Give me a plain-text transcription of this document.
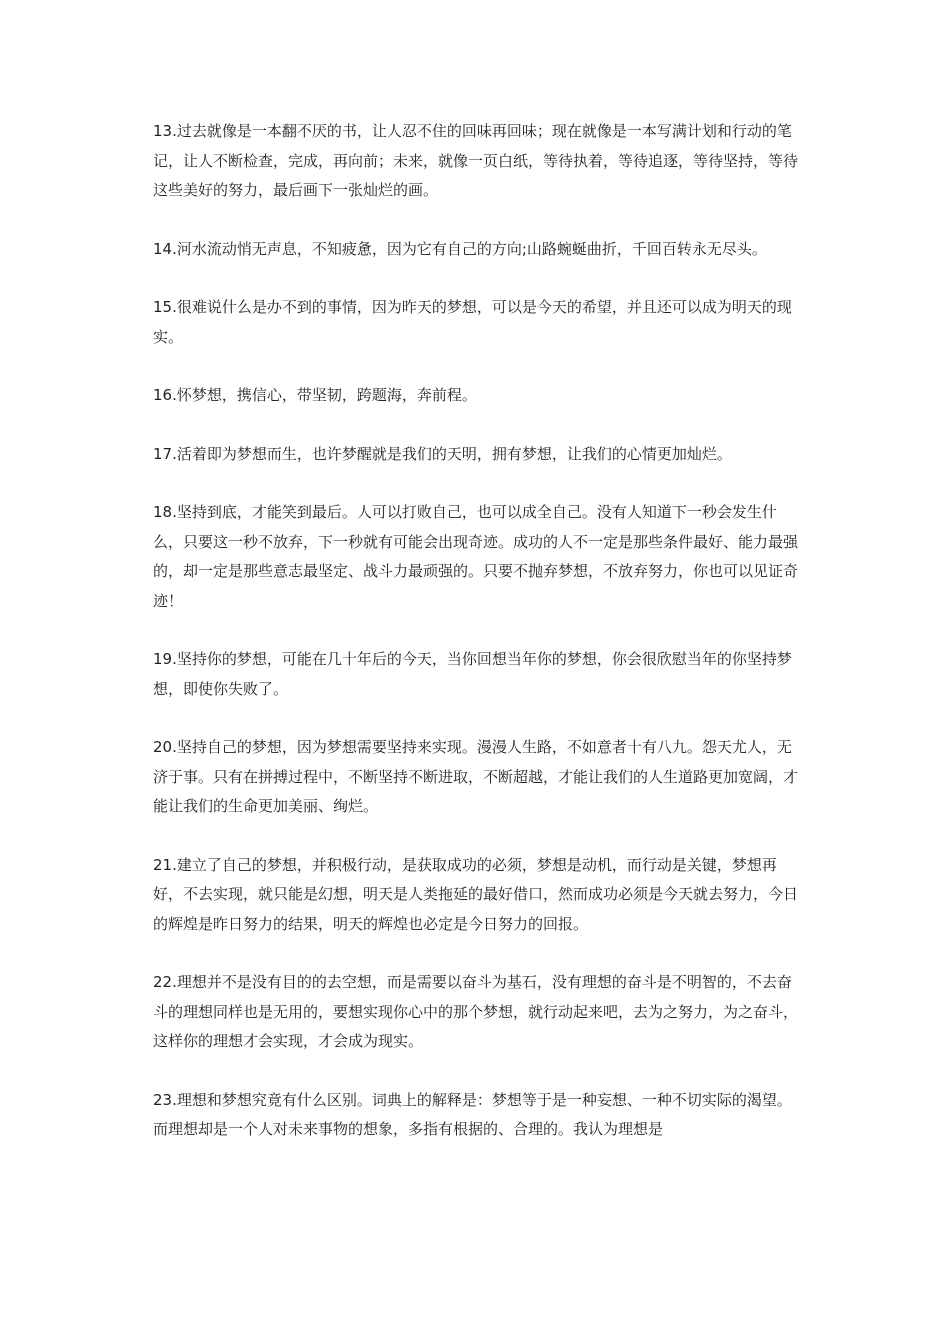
13.过去就像是一本翻不厌的书，让人忍不住的回味再回味；现在就像是一本写满计划和行动的笔记，让人不断检查，完成，再向前；未来，就像一页白纸，等待执着，等待追逐，等待坚持，等待这些美好的努力，最后画下一张灿烂的画。

14.河水流动悄无声息，不知疲惫，因为它有自己的方向;山路蜿蜒曲折，千回百转永无尽头。

15.很难说什么是办不到的事情，因为昨天的梦想，可以是今天的希望，并且还可以成为明天的现实。

16.怀梦想，携信心，带坚韧，跨题海，奔前程。

17.活着即为梦想而生，也许梦醒就是我们的天明，拥有梦想，让我们的心情更加灿烂。

18.坚持到底，才能笑到最后。人可以打败自己，也可以成全自己。没有人知道下一秒会发生什么，只要这一秒不放弃，下一秒就有可能会出现奇迹。成功的人不一定是那些条件最好、能力最强的，却一定是那些意志最坚定、战斗力最顽强的。只要不抛弃梦想，不放弃努力，你也可以见证奇迹！

19.坚持你的梦想，可能在几十年后的今天，当你回想当年你的梦想，你会很欣慰当年的你坚持梦想，即使你失败了。

20.坚持自己的梦想，因为梦想需要坚持来实现。漫漫人生路，不如意者十有八九。怨天尤人，无济于事。只有在拼搏过程中，不断坚持不断进取，不断超越，才能让我们的人生道路更加宽阔，才能让我们的生命更加美丽、绚烂。

21.建立了自己的梦想，并积极行动，是获取成功的必须，梦想是动机，而行动是关键，梦想再好，不去实现，就只能是幻想，明天是人类拖延的最好借口，然而成功必须是今天就去努力，今日的辉煌是昨日努力的结果，明天的辉煌也必定是今日努力的回报。

22.理想并不是没有目的的去空想，而是需要以奋斗为基石，没有理想的奋斗是不明智的，不去奋斗的理想同样也是无用的，要想实现你心中的那个梦想，就行动起来吧，去为之努力，为之奋斗，这样你的理想才会实现，才会成为现实。

23.理想和梦想究竟有什么区别。词典上的解释是：梦想等于是一种妄想、一种不切实际的渴望。而理想却是一个人对未来事物的想象，多指有根据的、合理的。我认为理想是
